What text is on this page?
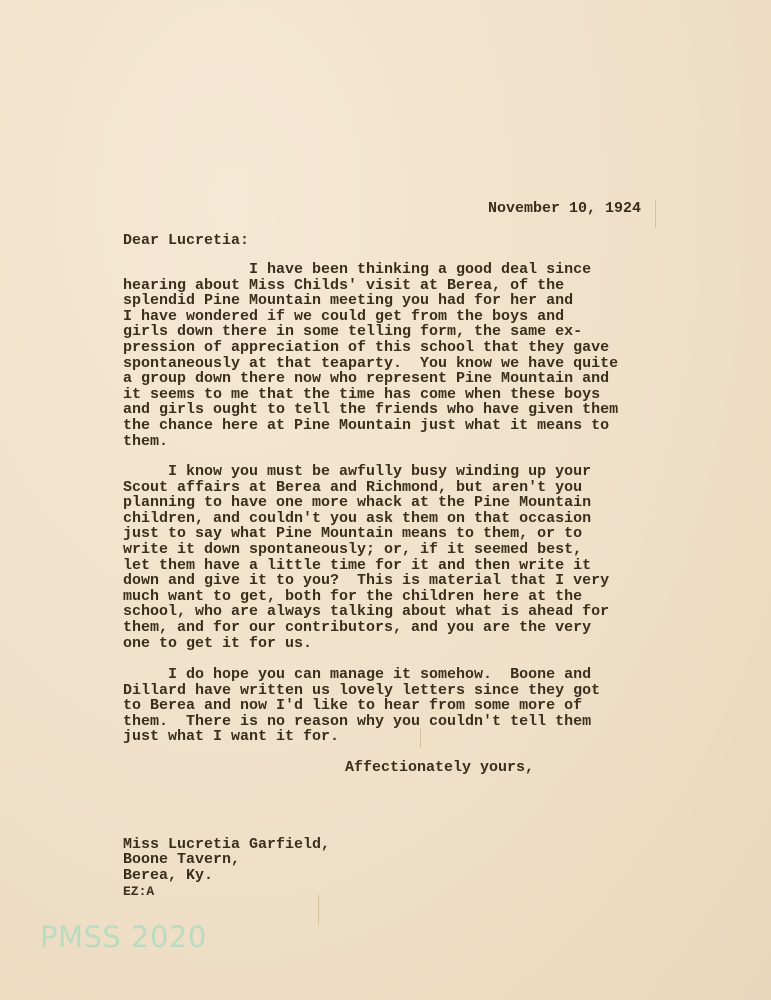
November 10, 1924
Dear Lucretia:
I have been thinking a good deal since
hearing about Miss Childs' visit at Berea, of the
splendid Pine Mountain meeting you had for her and
I have wondered if we could get from the boys and
girls down there in some telling form, the same ex-
pression of appreciation of this school that they gave
spontaneously at that teaparty.  You know we have quite
a group down there now who represent Pine Mountain and
it seems to me that the time has come when these boys
and girls ought to tell the friends who have given them
the chance here at Pine Mountain just what it means to
them.
I know you must be awfully busy winding up your
Scout affairs at Berea and Richmond, but aren't you
planning to have one more whack at the Pine Mountain
children, and couldn't you ask them on that occasion
just to say what Pine Mountain means to them, or to
write it down spontaneously; or, if it seemed best,
let them have a little time for it and then write it
down and give it to you?  This is material that I very
much want to get, both for the children here at the
school, who are always talking about what is ahead for
them, and for our contributors, and you are the very
one to get it for us.
I do hope you can manage it somehow.  Boone and
Dillard have written us lovely letters since they got
to Berea and now I'd like to hear from some more of
them.  There is no reason why you couldn't tell them
just what I want it for.
Affectionately yours,

Miss Lucretia Garfield,
Boone Tavern,
Berea, Ky.
EZ:A
PMSS 2020
